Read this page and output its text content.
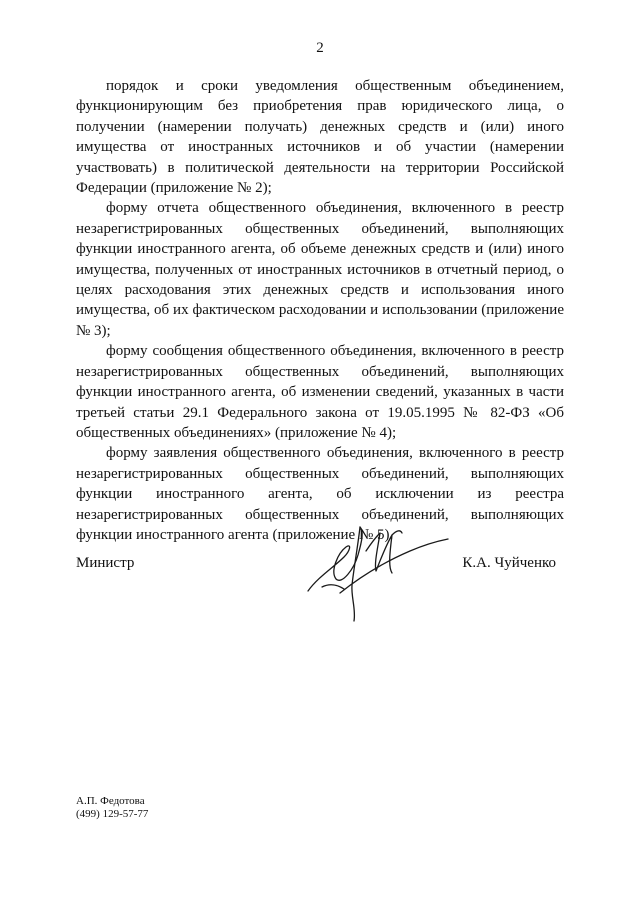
2

порядок и сроки уведомления общественным объединением, функционирующим без приобретения прав юридического лица, о получении (намерении получать) денежных средств и (или) иного имущества от иностранных источников и об участии (намерении участвовать) в политической деятельности на территории Российской Федерации (приложение № 2);

форму отчета общественного объединения, включенного в реестр незарегистрированных общественных объединений, выполняющих функции иностранного агента, об объеме денежных средств и (или) иного имущества, полученных от иностранных источников в отчетный период, о целях расходования этих денежных средств и использования иного имущества, об их фактическом расходовании и использовании (приложение № 3);

форму сообщения общественного объединения, включенного в реестр незарегистрированных общественных объединений, выполняющих функции иностранного агента, об изменении сведений, указанных в части третьей статьи 29.1 Федерального закона от 19.05.1995 № 82-ФЗ «Об общественных объединениях» (приложение № 4);

форму заявления общественного объединения, включенного в реестр незарегистрированных общественных объединений, выполняющих функции иностранного агента, об исключении из реестра незарегистрированных общественных объединений, выполняющих функции иностранного агента (приложение № 5).

Министр	К.А. Чуйченко
А.П. Федотова
(499) 129-57-77
